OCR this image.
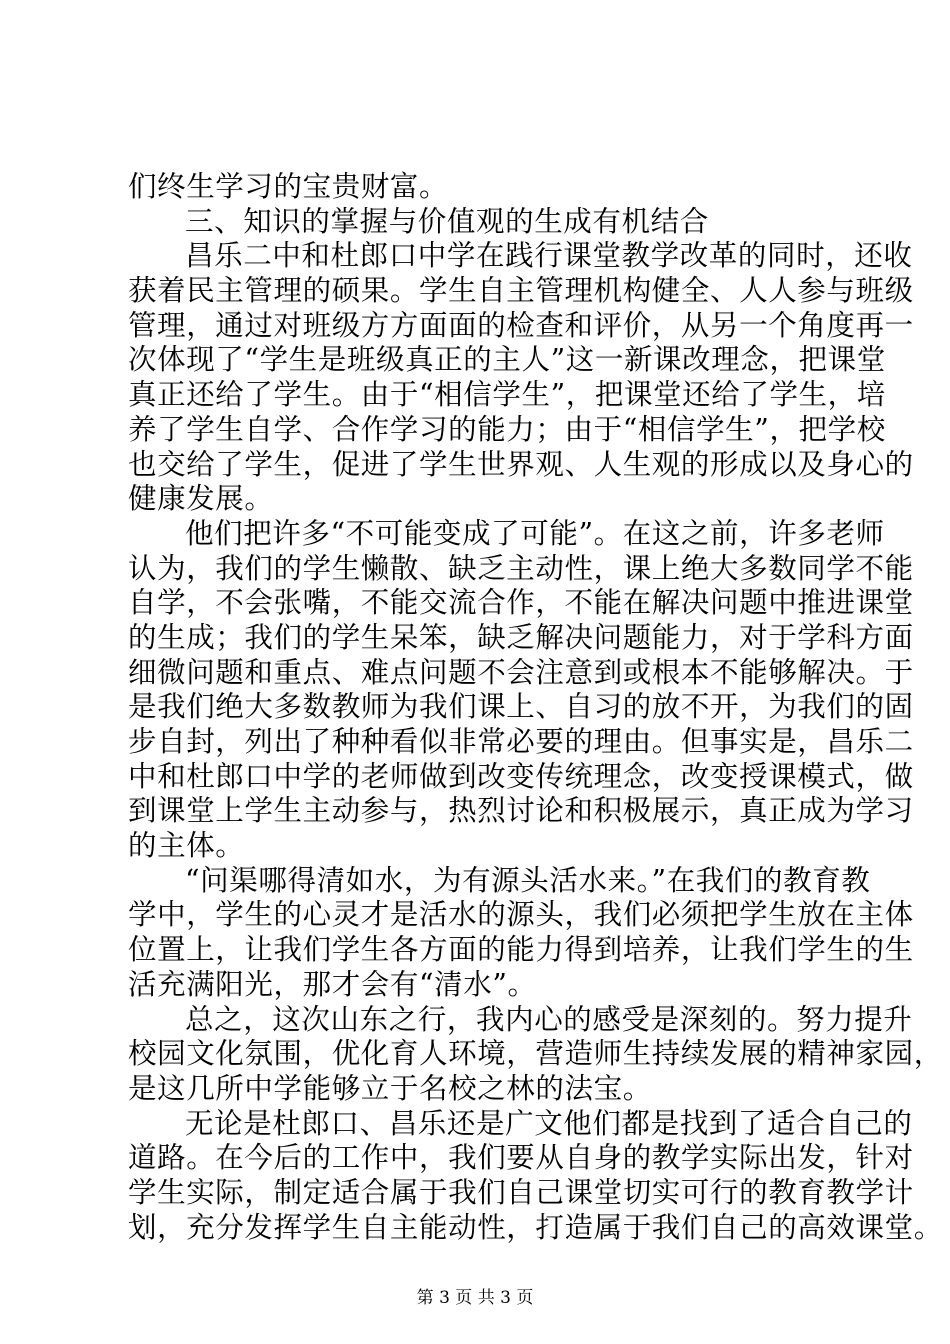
们终生学习的宝贵财富。
三、知识的掌握与价值观的生成有机结合
昌乐二中和杜郎口中学在践行课堂教学改革的同时，还收
获着民主管理的硕果。学生自主管理机构健全、人人参与班级
管理，通过对班级方方面面的检查和评价，从另一个角度再一
次体现了“学生是班级真正的主人”这一新课改理念，把课堂
真正还给了学生。由于“相信学生”，把课堂还给了学生，培
养了学生自学、合作学习的能力；由于“相信学生”，把学校
也交给了学生，促进了学生世界观、人生观的形成以及身心的
健康发展。
他们把许多“不可能变成了可能”。在这之前，许多老师
认为，我们的学生懒散、缺乏主动性，课上绝大多数同学不能
自学，不会张嘴，不能交流合作，不能在解决问题中推进课堂
的生成；我们的学生呆笨，缺乏解决问题能力，对于学科方面
细微问题和重点、难点问题不会注意到或根本不能够解决。于
是我们绝大多数教师为我们课上、自习的放不开，为我们的固
步自封，列出了种种看似非常必要的理由。但事实是，昌乐二
中和杜郎口中学的老师做到改变传统理念，改变授课模式，做
到课堂上学生主动参与，热烈讨论和积极展示，真正成为学习
的主体。
“问渠哪得清如水，为有源头活水来。”在我们的教育教
学中，学生的心灵才是活水的源头，我们必须把学生放在主体
位置上，让我们学生各方面的能力得到培养，让我们学生的生
活充满阳光，那才会有“清水”。
总之，这次山东之行，我内心的感受是深刻的。努力提升
校园文化氛围，优化育人环境，营造师生持续发展的精神家园，
是这几所中学能够立于名校之林的法宝。
无论是杜郎口、昌乐还是广文他们都是找到了适合自己的
道路。在今后的工作中，我们要从自身的教学实际出发，针对
学生实际，制定适合属于我们自己课堂切实可行的教育教学计
划，充分发挥学生自主能动性，打造属于我们自己的高效课堂。
第 3 页 共 3 页
